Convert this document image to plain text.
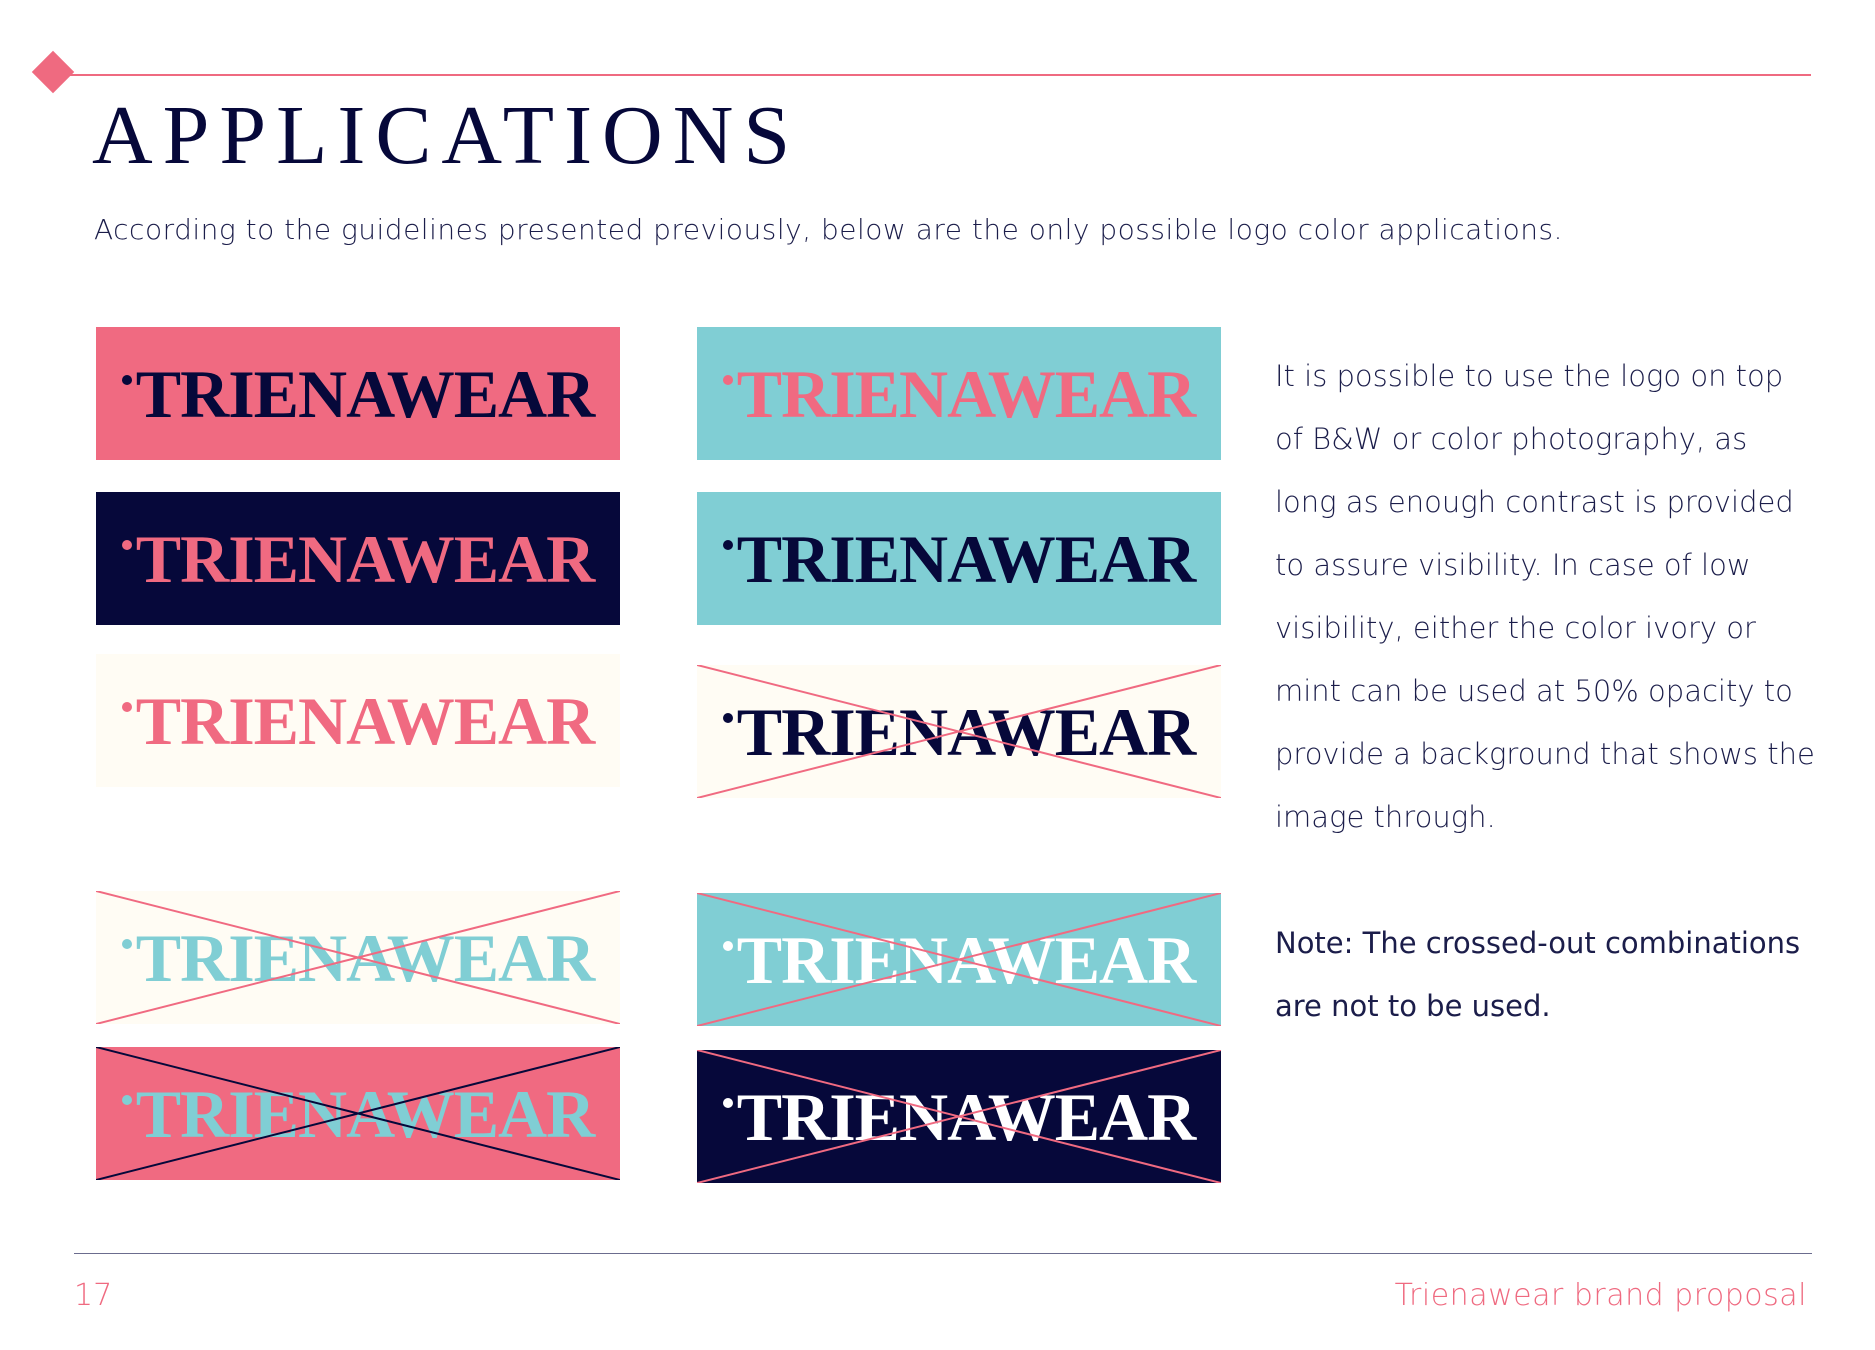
APPLICATIONS

According to the guidelines presented previously, below are the only possible logo color applications.

TRIENAWEAR TRIENAWEAR
TRIENAWEAR TRIENAWEAR
TRIENAWEAR TRIENAWEAR
TRIENAWEAR TRIENAWEAR
TRIENAWEAR TRIENAWEAR

It is possible to use the logo on top of B&W or color photography, as long as enough contrast is provided to assure visibility. In case of low visibility, either the color ivory or mint can be used at 50% opacity to provide a background that shows the image through.

Note: The crossed-out combinations are not to be used.

17	Trienawear brand proposal
